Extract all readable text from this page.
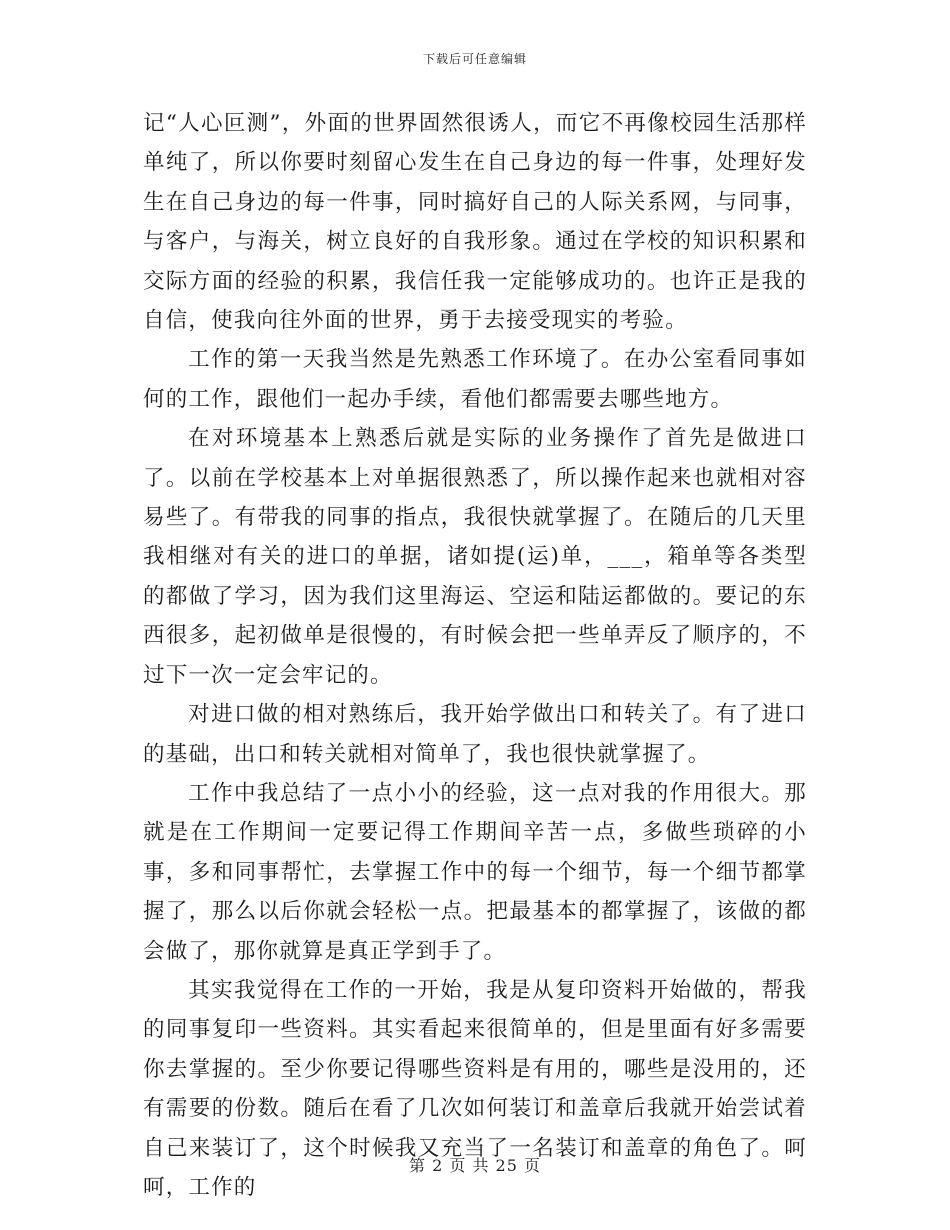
下载后可任意编辑

记“人心叵测”，外面的世界固然很诱人，而它不再像校园生活那样单纯了，所以你要时刻留心发生在自己身边的每一件事，处理好发生在自己身边的每一件事，同时搞好自己的人际关系网，与同事，与客户，与海关，树立良好的自我形象。通过在学校的知识积累和交际方面的经验的积累，我信任我一定能够成功的。也许正是我的自信，使我向往外面的世界，勇于去接受现实的考验。

工作的第一天我当然是先熟悉工作环境了。在办公室看同事如何的工作，跟他们一起办手续，看他们都需要去哪些地方。

在对环境基本上熟悉后就是实际的业务操作了首先是做进口了。以前在学校基本上对单据很熟悉了，所以操作起来也就相对容易些了。有带我的同事的指点，我很快就掌握了。在随后的几天里我相继对有关的进口的单据，诸如提(运)单，___，箱单等各类型的都做了学习，因为我们这里海运、空运和陆运都做的。要记的东西很多，起初做单是很慢的，有时候会把一些单弄反了顺序的，不过下一次一定会牢记的。

对进口做的相对熟练后，我开始学做出口和转关了。有了进口的基础，出口和转关就相对简单了，我也很快就掌握了。

工作中我总结了一点小小的经验，这一点对我的作用很大。那就是在工作期间一定要记得工作期间辛苦一点，多做些琐碎的小事，多和同事帮忙，去掌握工作中的每一个细节，每一个细节都掌握了，那么以后你就会轻松一点。把最基本的都掌握了，该做的都会做了，那你就算是真正学到手了。

其实我觉得在工作的一开始，我是从复印资料开始做的，帮我的同事复印一些资料。其实看起来很简单的，但是里面有好多需要你去掌握的。至少你要记得哪些资料是有用的，哪些是没用的，还有需要的份数。随后在看了几次如何装订和盖章后我就开始尝试着自己来装订了，这个时候我又充当了一名装订和盖章的角色了。呵呵，工作的

第 2 页 共 25 页
